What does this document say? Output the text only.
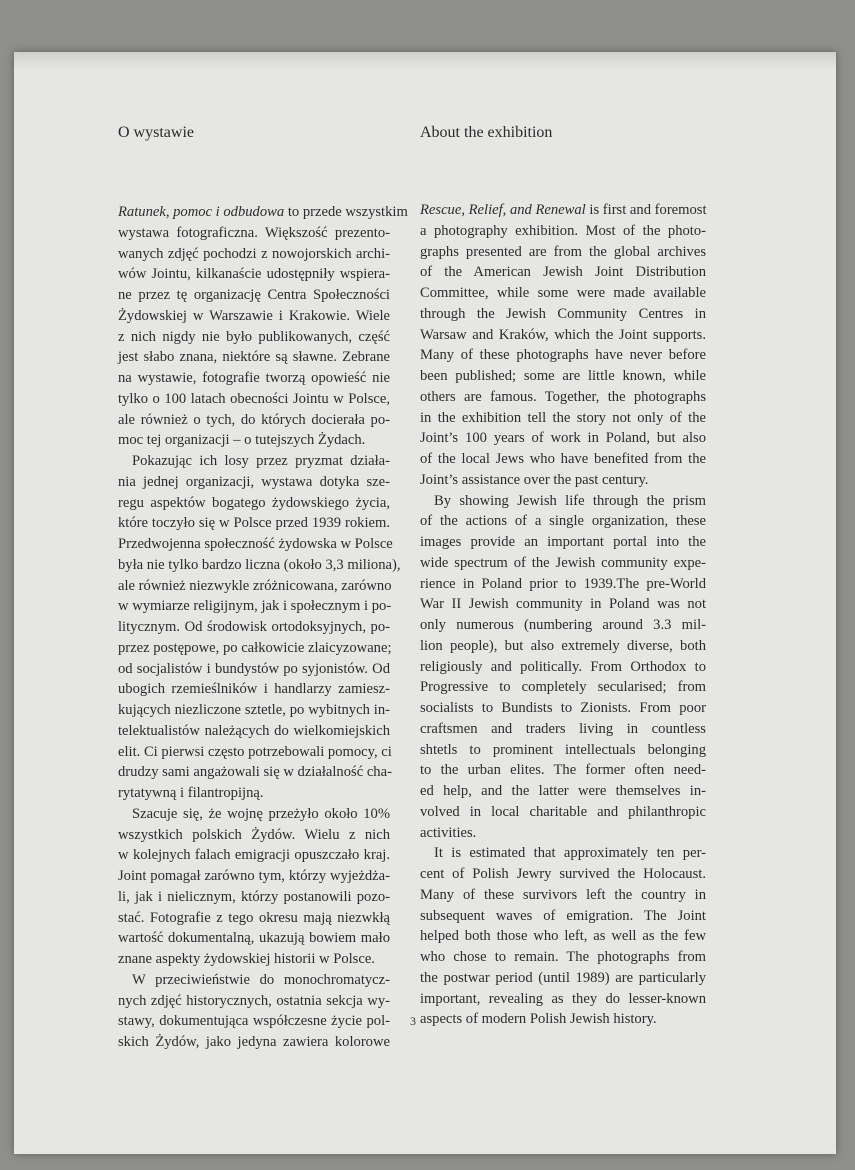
O wystawie	About the exhibition
Ratunek, pomoc i odbudowa to przede wszystkim
wystawa fotograficzna. Większość prezento-
wanych zdjęć pochodzi z nowojorskich archi-
wów Jointu, kilkanaście udostępniły wspiera-
ne przez tę organizację Centra Społeczności
Żydowskiej w Warszawie i Krakowie. Wiele
z nich nigdy nie było publikowanych, część
jest słabo znana, niektóre są sławne. Zebrane
na wystawie, fotografie tworzą opowieść nie
tylko o 100 latach obecności Jointu w Polsce,
ale również o tych, do których docierała po-
moc tej organizacji – o tutejszych Żydach.
Pokazując ich losy przez pryzmat działa-
nia jednej organizacji, wystawa dotyka sze-
regu aspektów bogatego żydowskiego życia,
które toczyło się w Polsce przed 1939 rokiem.
Przedwojenna społeczność żydowska w Polsce
była nie tylko bardzo liczna (około 3,3 miliona),
ale również niezwykle zróżnicowana, zarówno
w wymiarze religijnym, jak i społecznym i po-
litycznym. Od środowisk ortodoksyjnych, po-
przez postępowe, po całkowicie zlaicyzowane;
od socjalistów i bundystów po syjonistów. Od
ubogich rzemieślników i handlarzy zamiesz-
kujących niezliczone sztetle, po wybitnych in-
telektualistów należących do wielkomiejskich
elit. Ci pierwsi często potrzebowali pomocy, ci
drudzy sami angażowali się w działalność cha-
rytatywną i filantropijną.
Szacuje się, że wojnę przeżyło około 10%
wszystkich polskich Żydów. Wielu z nich
w kolejnych falach emigracji opuszczało kraj.
Joint pomagał zarówno tym, którzy wyjeżdża-
li, jak i nielicznym, którzy postanowili pozo-
stać. Fotografie z tego okresu mają niezwkłą
wartość dokumentalną, ukazują bowiem mało
znane aspekty żydowskiej historii w Polsce.
W przeciwieństwie do monochromatycz-
nych zdjęć historycznych, ostatnia sekcja wy-
stawy, dokumentująca współczesne życie pol-
skich Żydów, jako jedyna zawiera kolorowe
Rescue, Relief, and Renewal is first and foremost
a photography exhibition. Most of the photo-
graphs presented are from the global archives
of the American Jewish Joint Distribution
Committee, while some were made available
through the Jewish Community Centres in
Warsaw and Kraków, which the Joint supports.
Many of these photographs have never before
been published; some are little known, while
others are famous. Together, the photographs
in the exhibition tell the story not only of the
Joint’s 100 years of work in Poland, but also
of the local Jews who have benefited from the
Joint’s assistance over the past century.
By showing Jewish life through the prism
of the actions of a single organization, these
images provide an important portal into the
wide spectrum of the Jewish community expe-
rience in Poland prior to 1939.The pre-World
War II Jewish community in Poland was not
only numerous (numbering around 3.3 mil-
lion people), but also extremely diverse, both
religiously and politically. From Orthodox to
Progressive to completely secularised; from
socialists to Bundists to Zionists. From poor
craftsmen and traders living in countless
shtetls to prominent intellectuals belonging
to the urban elites. The former often need-
ed help, and the latter were themselves in-
volved in local charitable and philanthropic
activities.
It is estimated that approximately ten per-
cent of Polish Jewry survived the Holocaust.
Many of these survivors left the country in
subsequent waves of emigration. The Joint
helped both those who left, as well as the few
who chose to remain. The photographs from
the postwar period (until 1989) are particularly
important, revealing as they do lesser-known
aspects of modern Polish Jewish history.
3
